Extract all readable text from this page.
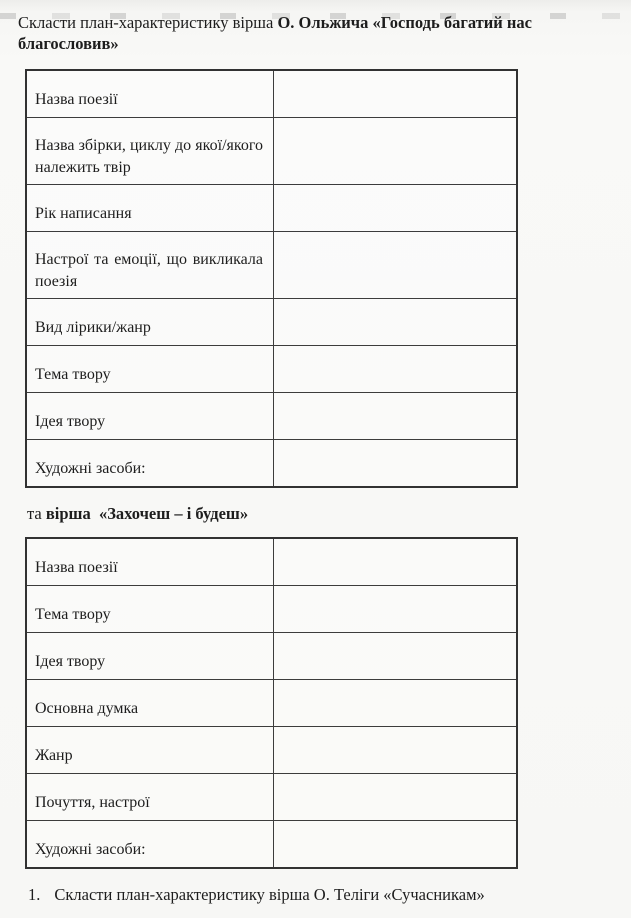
Скласти план-характеристику вірша О. Ольжича «Господь багатий нас благословив»
Назва поезії
Назва збірки, циклу до якої/якого належить твір
Рік написання
Настрої та емоції, що викликала поезія
Вид лірики/жанр
Тема твору
Ідея твору
Художні засоби:
та вірша  «Захочеш – і будеш»
Назва поезії
Тема твору
Ідея твору
Основна думка
Жанр
Почуття, настрої
Художні засоби:
1. Скласти план-характеристику вірша О. Теліги «Сучасникам»
